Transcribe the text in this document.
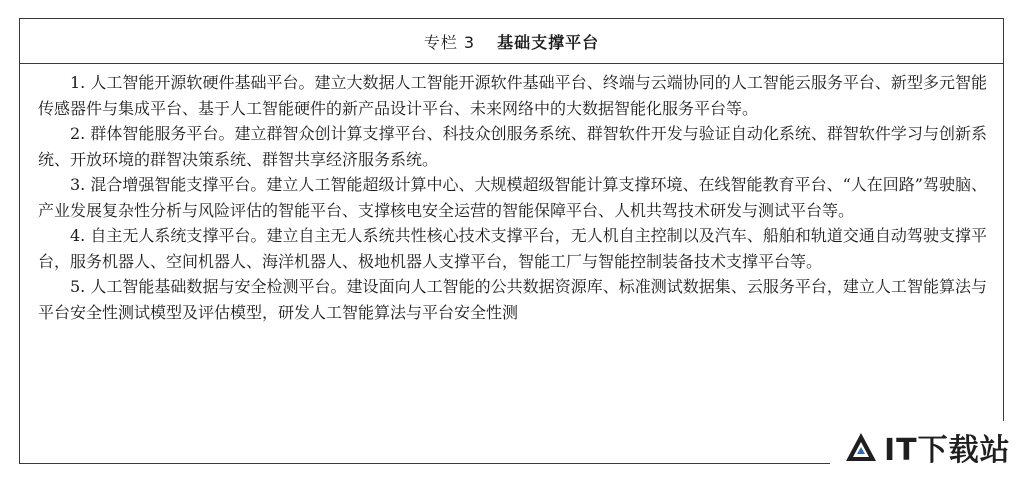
专栏 3 基础支撑平台

1. 人工智能开源软硬件基础平台。建立大数据人工智能开源软件基础平台、终端与云端协同的人工智能云服务平台、新型多元智能传感器件与集成平台、基于人工智能硬件的新产品设计平台、未来网络中的大数据智能化服务平台等。

2. 群体智能服务平台。建立群智众创计算支撑平台、科技众创服务系统、群智软件开发与验证自动化系统、群智软件学习与创新系统、开放环境的群智决策系统、群智共享经济服务系统。

3. 混合增强智能支撑平台。建立人工智能超级计算中心、大规模超级智能计算支撑环境、在线智能教育平台、“人在回路”驾驶脑、产业发展复杂性分析与风险评估的智能平台、支撑核电安全运营的智能保障平台、人机共驾技术研发与测试平台等。

4. 自主无人系统支撑平台。建立自主无人系统共性核心技术支撑平台，无人机自主控制以及汽车、船舶和轨道交通自动驾驶支撑平台，服务机器人、空间机器人、海洋机器人、极地机器人支撑平台，智能工厂与智能控制装备技术支撑平台等。

5. 人工智能基础数据与安全检测平台。建设面向人工智能的公共数据资源库、标准测试数据集、云服务平台，建立人工智能算法与平台安全性测试模型及评估模型，研发人工智能算法与平台安全性测

IT下载站
